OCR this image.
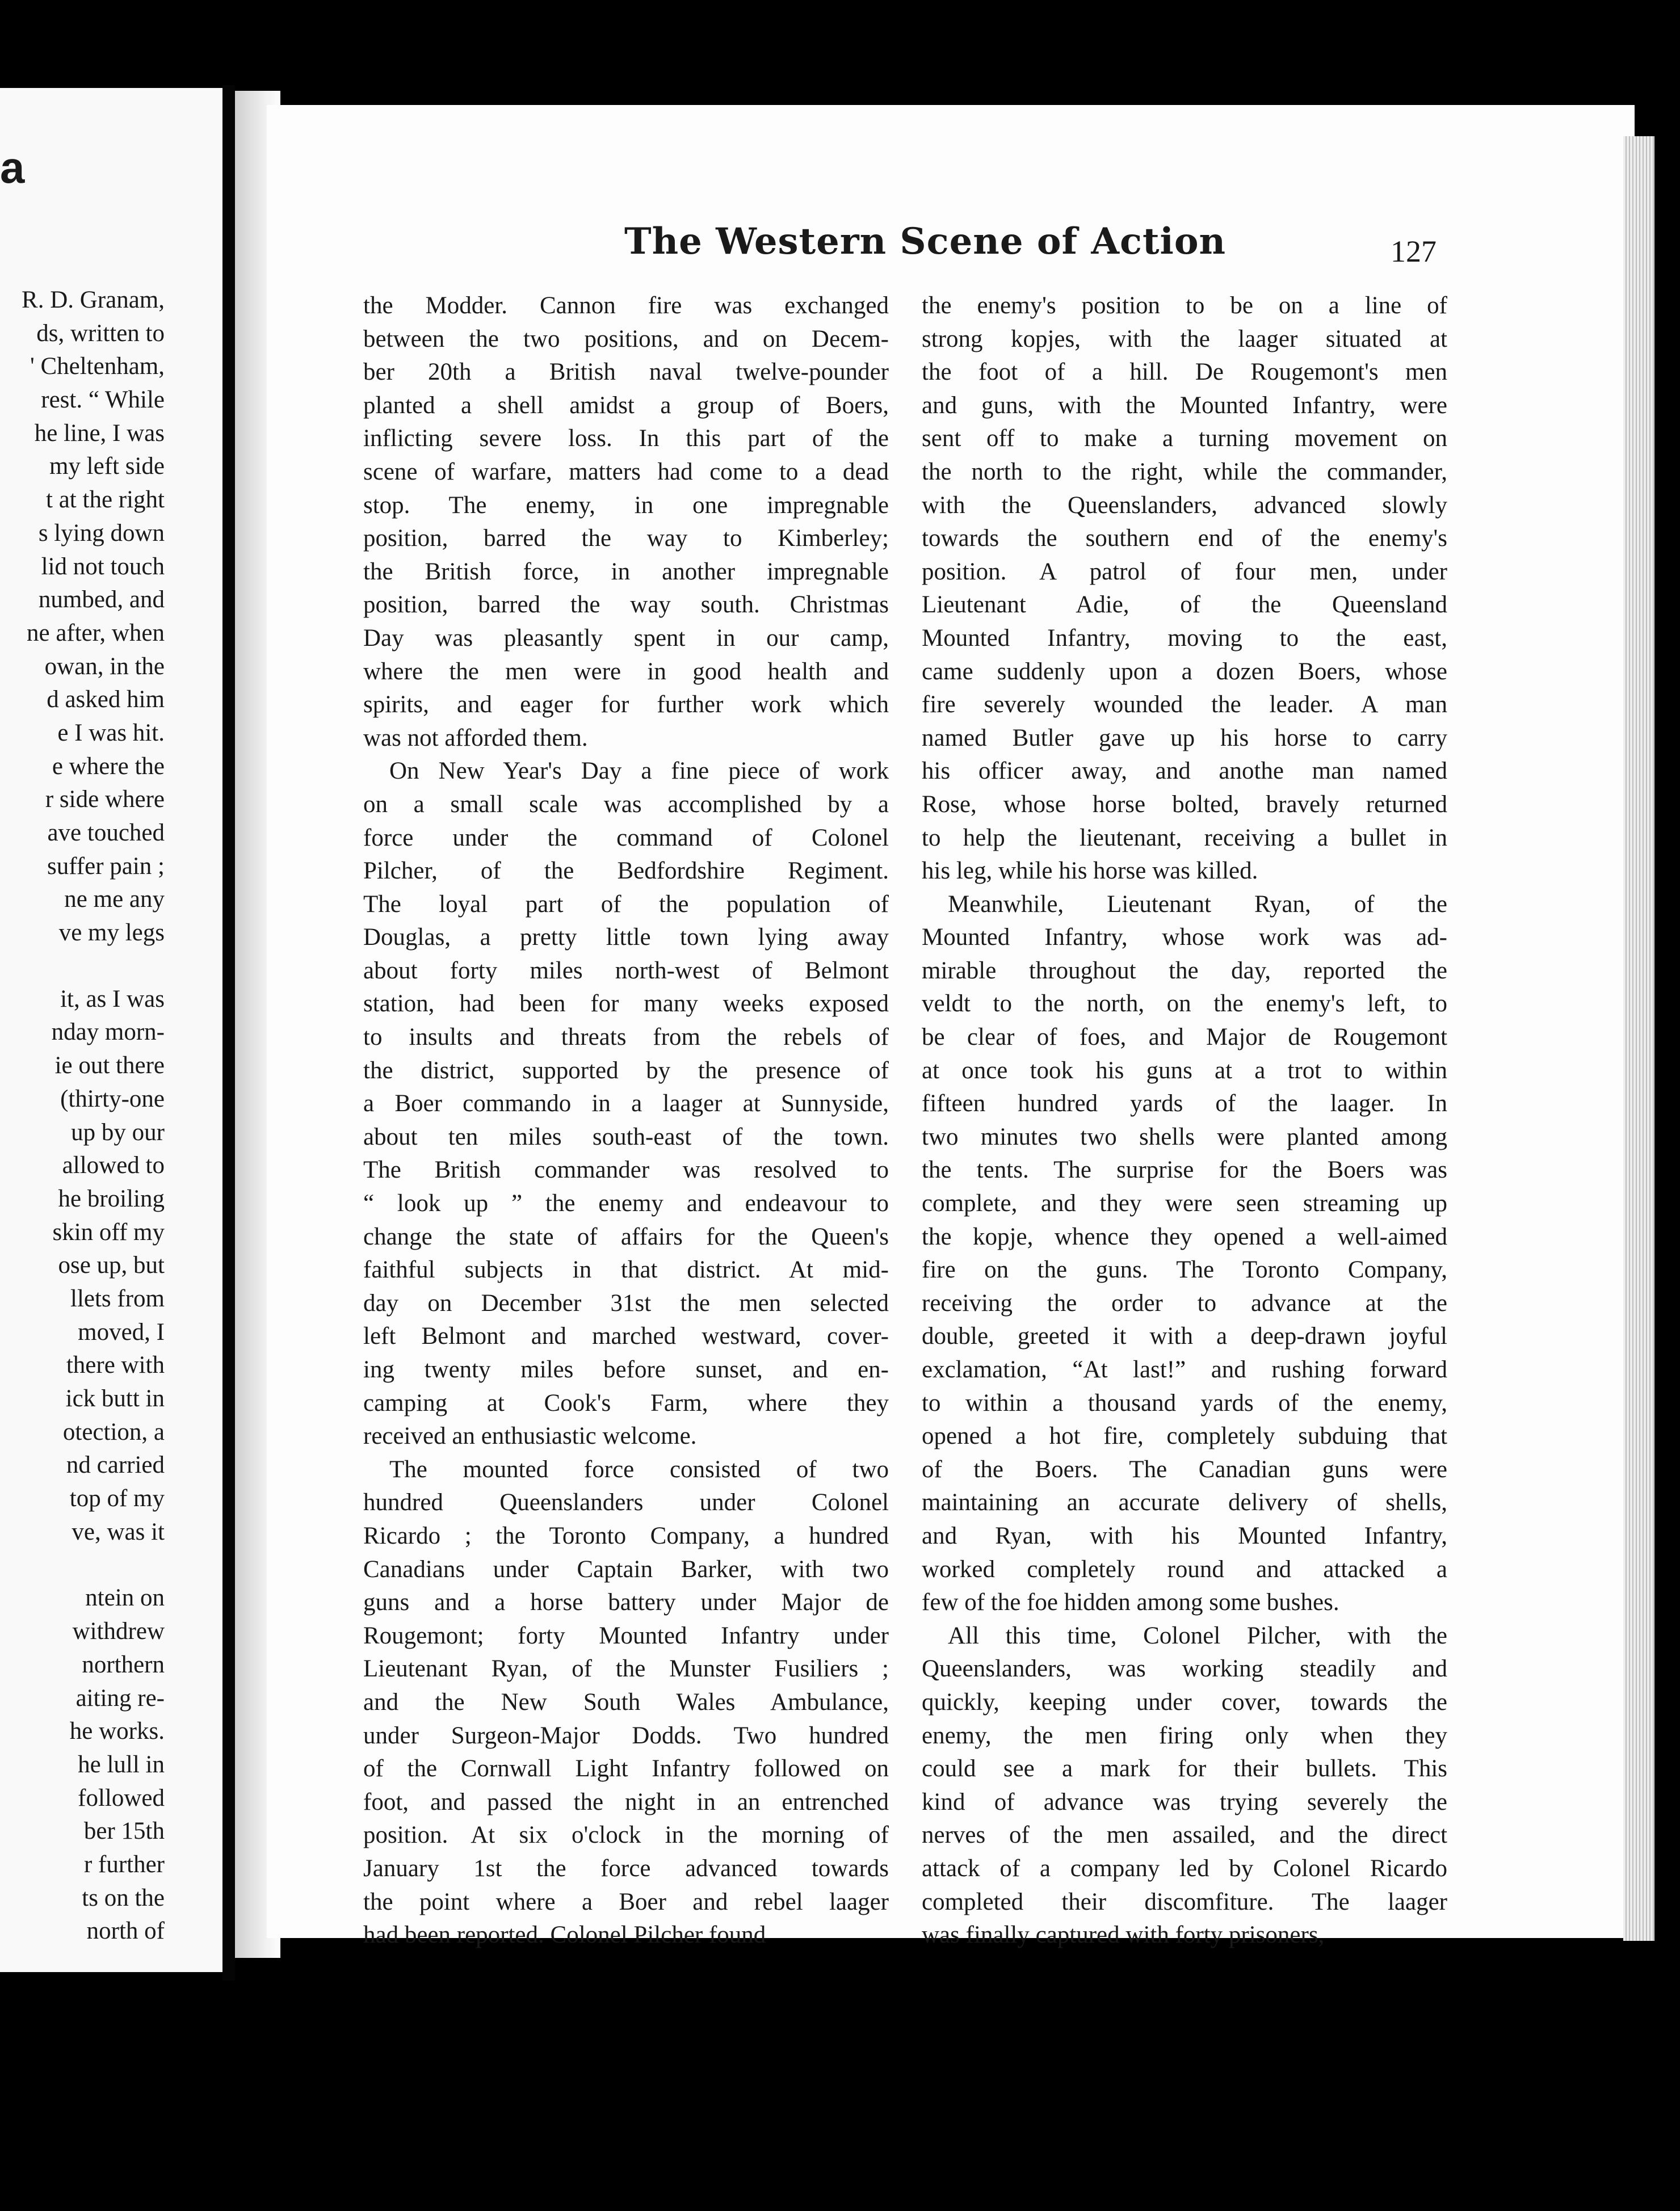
a
R. D. Granam,
ds, written to
' Cheltenham,
rest. “ While
he line, I was
my left side
t at the right
s lying down
lid not touch
numbed, and
ne after, when
owan, in the
d asked him
e I was hit.
e where the
r side where
ave touched
suffer pain ;
ne me any
ve my legs
it, as I was
nday morn-
ie out there
(thirty-one
up by our
allowed to
he broiling
skin off my
ose up, but
llets from
moved, I
there with
ick butt in
otection, a
nd carried
top of my
ve, was it
ntein on
withdrew
northern
aiting re-
he works.
he lull in
followed
ber 15th
r further
ts on the
north of
The Western Scene of Action	127
the Modder. Cannon fire was exchanged
between the two positions, and on Decem-
ber 20th a British naval twelve-pounder
planted a shell amidst a group of Boers,
inflicting severe loss. In this part of the
scene of warfare, matters had come to a dead
stop. The enemy, in one impregnable
position, barred the way to Kimberley;
the British force, in another impregnable
position, barred the way south. Christmas
Day was pleasantly spent in our camp,
where the men were in good health and
spirits, and eager for further work which
was not afforded them.
On New Year's Day a fine piece of work
on a small scale was accomplished by a
force under the command of Colonel
Pilcher, of the Bedfordshire Regiment.
The loyal part of the population of
Douglas, a pretty little town lying away
about forty miles north-west of Belmont
station, had been for many weeks exposed
to insults and threats from the rebels of
the district, supported by the presence of
a Boer commando in a laager at Sunnyside,
about ten miles south-east of the town.
The British commander was resolved to
“ look up ” the enemy and endeavour to
change the state of affairs for the Queen's
faithful subjects in that district. At mid-
day on December 31st the men selected
left Belmont and marched westward, cover-
ing twenty miles before sunset, and en-
camping at Cook's Farm, where they
received an enthusiastic welcome.
The mounted force consisted of two
hundred Queenslanders under Colonel
Ricardo ; the Toronto Company, a hundred
Canadians under Captain Barker, with two
guns and a horse battery under Major de
Rougemont; forty Mounted Infantry under
Lieutenant Ryan, of the Munster Fusiliers ;
and the New South Wales Ambulance,
under Surgeon-Major Dodds. Two hundred
of the Cornwall Light Infantry followed on
foot, and passed the night in an entrenched
position. At six o'clock in the morning of
January 1st the force advanced towards
the point where a Boer and rebel laager
had been reported. Colonel Pilcher found
the enemy's position to be on a line of
strong kopjes, with the laager situated at
the foot of a hill. De Rougemont's men
and guns, with the Mounted Infantry, were
sent off to make a turning movement on
the north to the right, while the commander,
with the Queenslanders, advanced slowly
towards the southern end of the enemy's
position. A patrol of four men, under
Lieutenant Adie, of the Queensland
Mounted Infantry, moving to the east,
came suddenly upon a dozen Boers, whose
fire severely wounded the leader. A man
named Butler gave up his horse to carry
his officer away, and anothe man named
Rose, whose horse bolted, bravely returned
to help the lieutenant, receiving a bullet in
his leg, while his horse was killed.
Meanwhile, Lieutenant Ryan, of the
Mounted Infantry, whose work was ad-
mirable throughout the day, reported the
veldt to the north, on the enemy's left, to
be clear of foes, and Major de Rougemont
at once took his guns at a trot to within
fifteen hundred yards of the laager. In
two minutes two shells were planted among
the tents. The surprise for the Boers was
complete, and they were seen streaming up
the kopje, whence they opened a well-aimed
fire on the guns. The Toronto Company,
receiving the order to advance at the
double, greeted it with a deep-drawn joyful
exclamation, “At last!” and rushing forward
to within a thousand yards of the enemy,
opened a hot fire, completely subduing that
of the Boers. The Canadian guns were
maintaining an accurate delivery of shells,
and Ryan, with his Mounted Infantry,
worked completely round and attacked a
few of the foe hidden among some bushes.
All this time, Colonel Pilcher, with the
Queenslanders, was working steadily and
quickly, keeping under cover, towards the
enemy, the men firing only when they
could see a mark for their bullets. This
kind of advance was trying severely the
nerves of the men assailed, and the direct
attack of a company led by Colonel Ricardo
completed their discomfiture. The laager
was finally captured with forty prisoners,
